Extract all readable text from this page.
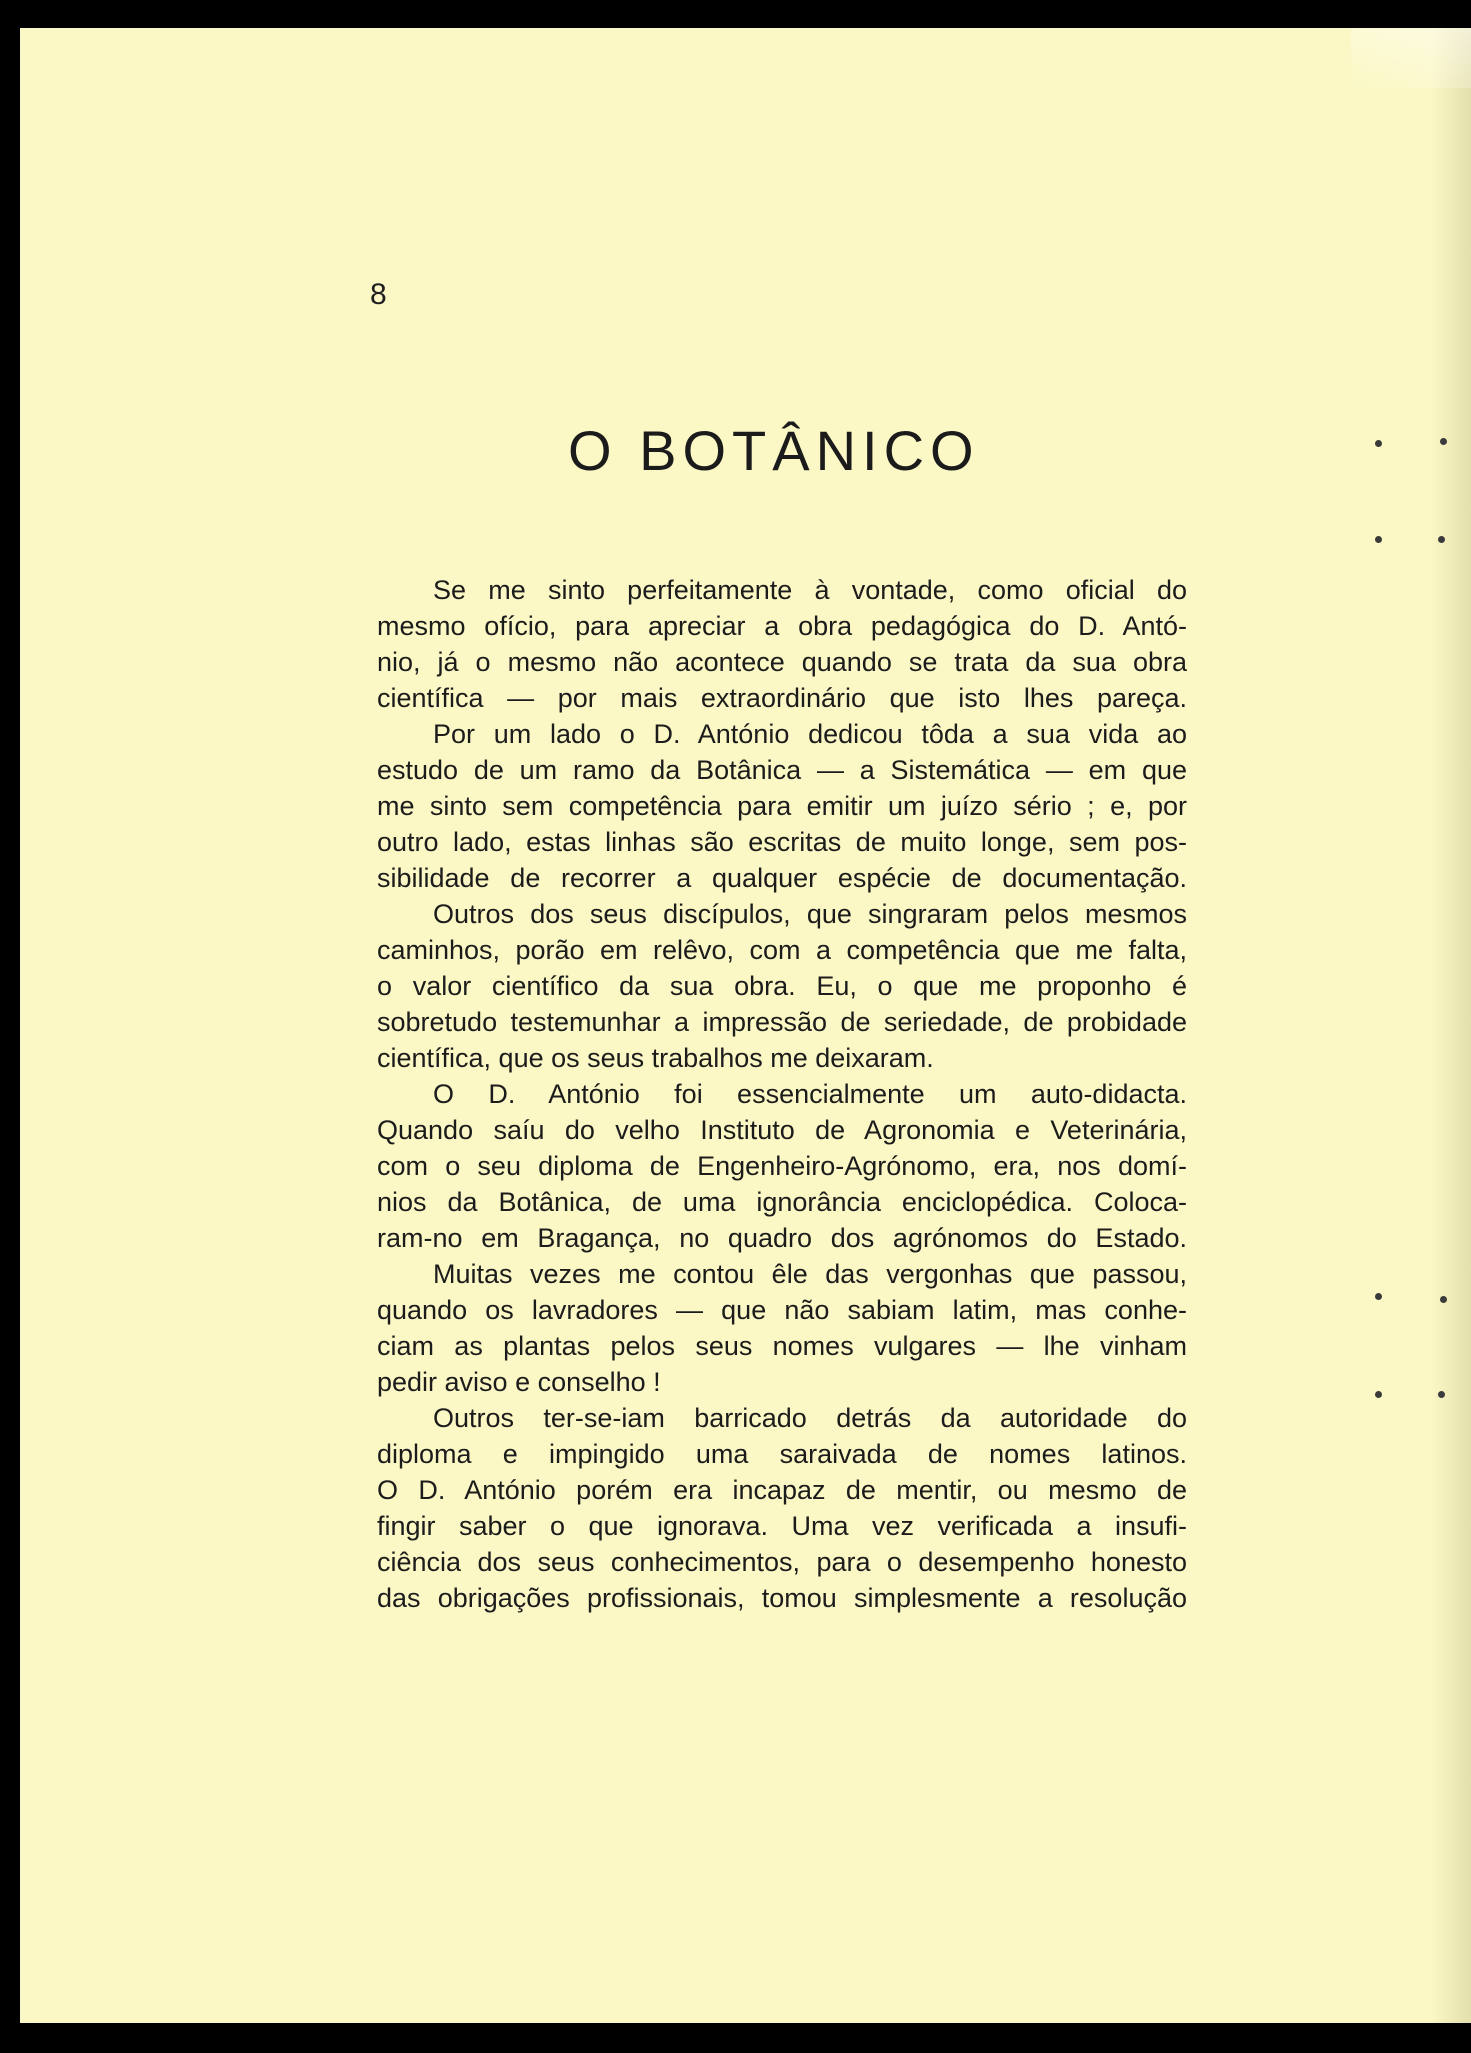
8
O BOTÂNICO
Se me sinto perfeitamente à vontade, como oficial do
mesmo ofício, para apreciar a obra pedagógica do D. Antó-
nio, já o mesmo não acontece quando se trata da sua obra
científica — por mais extraordinário que isto lhes pareça.
Por um lado o D. António dedicou tôda a sua vida ao
estudo de um ramo da Botânica — a Sistemática — em que
me sinto sem competência para emitir um juízo sério ; e, por
outro lado, estas linhas são escritas de muito longe, sem pos-
sibilidade de recorrer a qualquer espécie de documentação.
Outros dos seus discípulos, que singraram pelos mesmos
caminhos, porão em relêvo, com a competência que me falta,
o valor científico da sua obra. Eu, o que me proponho é
sobretudo testemunhar a impressão de seriedade, de probidade
científica, que os seus trabalhos me deixaram.
O D. António foi essencialmente um auto-didacta.
Quando saíu do velho Instituto de Agronomia e Veterinária,
com o seu diploma de Engenheiro-Agrónomo, era, nos domí-
nios da Botânica, de uma ignorância enciclopédica. Coloca-
ram-no em Bragança, no quadro dos agrónomos do Estado.
Muitas vezes me contou êle das vergonhas que passou,
quando os lavradores — que não sabiam latim, mas conhe-
ciam as plantas pelos seus nomes vulgares — lhe vinham
pedir aviso e conselho !
Outros ter-se-iam barricado detrás da autoridade do
diploma e impingido uma saraivada de nomes latinos.
O D. António porém era incapaz de mentir, ou mesmo de
fingir saber o que ignorava. Uma vez verificada a insufi-
ciência dos seus conhecimentos, para o desempenho honesto
das obrigações profissionais, tomou simplesmente a resolução
